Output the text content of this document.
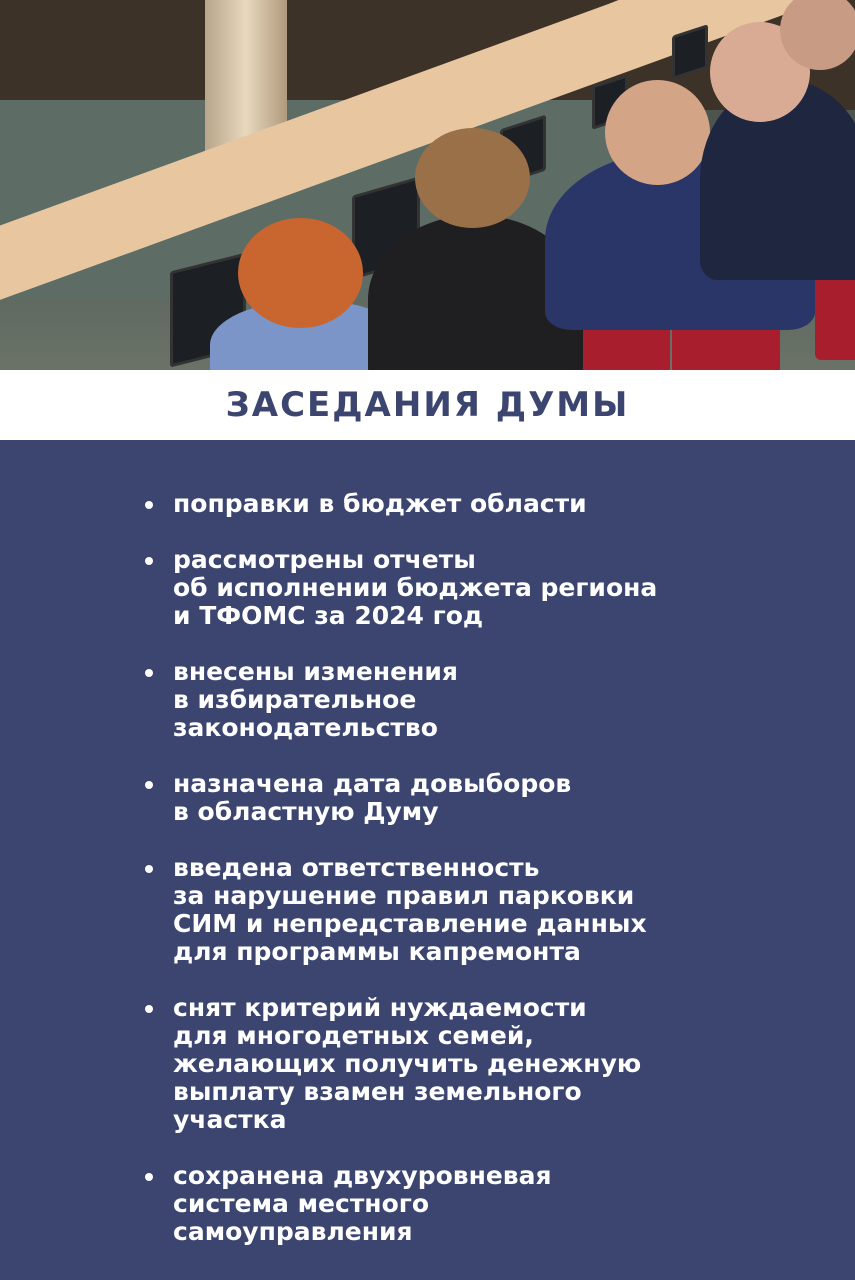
ЗАСЕДАНИЯ ДУМЫ
поправки в бюджет области
рассмотрены отчеты
об исполнении бюджета региона
и ТФОМС за 2024 год
внесены изменения
в избирательное
законодательство
назначена дата довыборов
в областную Думу
введена ответственность
за нарушение правил парковки
СИМ и непредставление данных
для программы капремонта
снят критерий нуждаемости
для многодетных семей,
желающих получить денежную
выплату взамен земельного
участка
сохранена двухуровневая
система местного
самоуправления
